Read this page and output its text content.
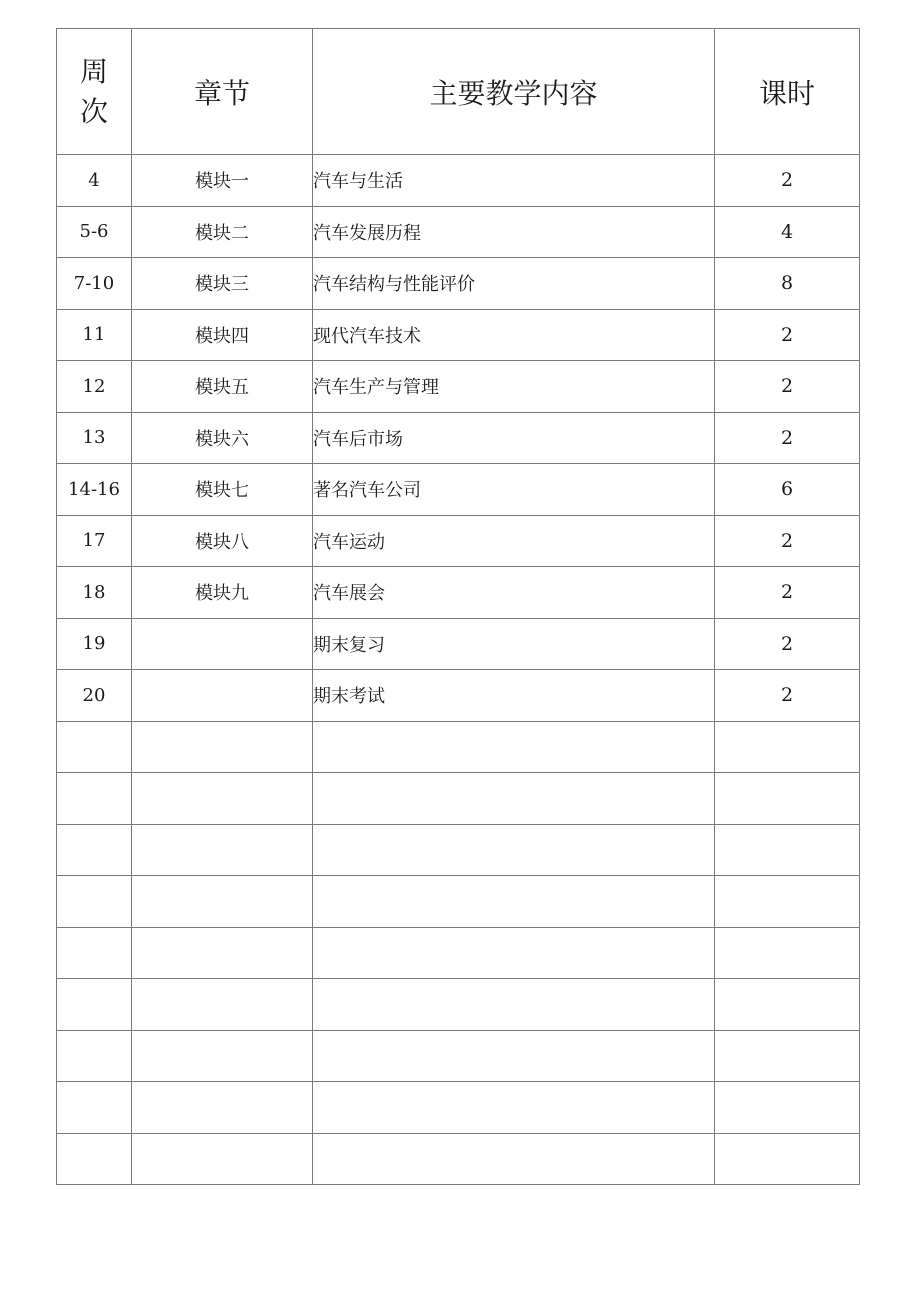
周
次	章节	主要教学内容	课时
4	模块一	汽车与生活	2
5-6	模块二	汽车发展历程	4
7-10	模块三	汽车结构与性能评价	8
11	模块四	现代汽车技术	2
12	模块五	汽车生产与管理	2
13	模块六	汽车后市场	2
14-16	模块七	著名汽车公司	6
17	模块八	汽车运动	2
18	模块九	汽车展会	2
19		期末复习	2
20		期末考试	2
